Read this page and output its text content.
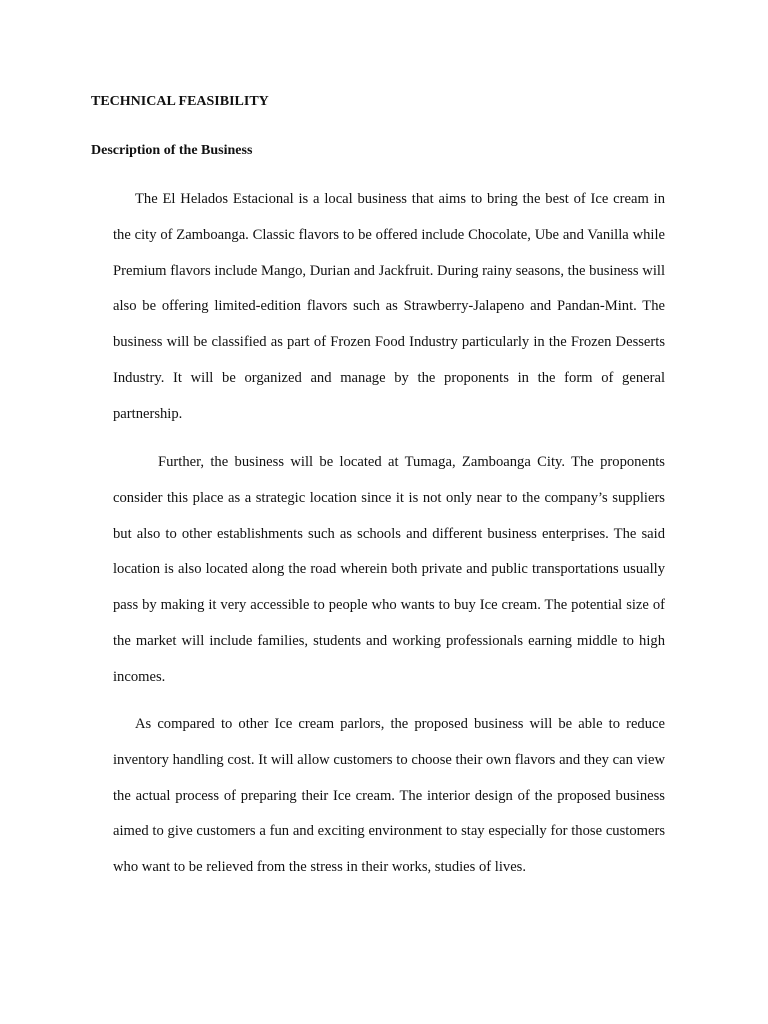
TECHNICAL FEASIBILITY
Description of the Business

The El Helados Estacional is a local business that aims to bring the best of Ice cream in the city of Zamboanga. Classic flavors to be offered include Chocolate, Ube and Vanilla while Premium flavors include Mango, Durian and Jackfruit. During rainy seasons, the business will also be offering limited-edition flavors such as Strawberry-Jalapeno and Pandan-Mint. The business will be classified as part of Frozen Food Industry particularly in the Frozen Desserts Industry. It will be organized and manage by the proponents in the form of general partnership.

Further, the business will be located at Tumaga, Zamboanga City. The proponents consider this place as a strategic location since it is not only near to the company’s suppliers but also to other establishments such as schools and different business enterprises. The said location is also located along the road wherein both private and public transportations usually pass by making it very accessible to people who wants to buy Ice cream. The potential size of the market will include families, students and working professionals earning middle to high incomes.

As compared to other Ice cream parlors, the proposed business will be able to reduce inventory handling cost. It will allow customers to choose their own flavors and they can view the actual process of preparing their Ice cream. The interior design of the proposed business aimed to give customers a fun and exciting environment to stay especially for those customers who want to be relieved from the stress in their works, studies of lives.
